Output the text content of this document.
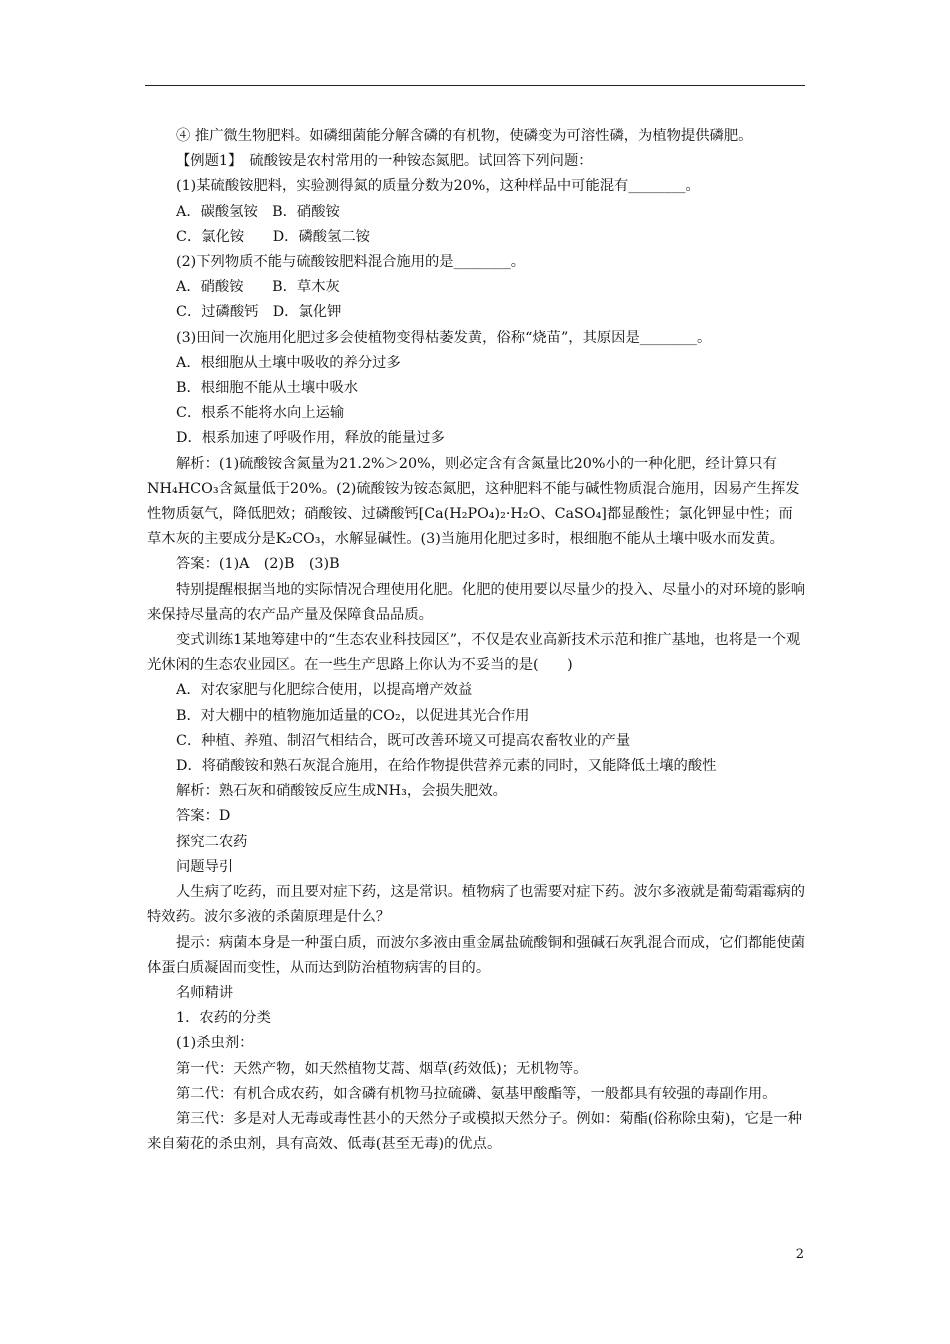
④ 推广微生物肥料。如磷细菌能分解含磷的有机物，使磷变为可溶性磷，为植物提供磷肥。

【例题1】　硫酸铵是农村常用的一种铵态氮肥。试回答下列问题：

(1)某硫酸铵肥料，实验测得氮的质量分数为20%，这种样品中可能混有________。

A．碳酸氢铵　B．硝酸铵

C．氯化铵　　D．磷酸氢二铵

(2)下列物质不能与硫酸铵肥料混合施用的是________。

A．硝酸铵　　B．草木灰

C．过磷酸钙　D．氯化钾

(3)田间一次施用化肥过多会使植物变得枯萎发黄，俗称“烧苗”，其原因是________。

A．根细胞从土壤中吸收的养分过多

B．根细胞不能从土壤中吸水

C．根系不能将水向上运输

D．根系加速了呼吸作用，释放的能量过多

解析：(1)硫酸铵含氮量为21.2%＞20%，则必定含有含氮量比20%小的一种化肥，经计算只有NH₄HCO₃含氮量低于20%。(2)硫酸铵为铵态氮肥，这种肥料不能与碱性物质混合施用，因易产生挥发性物质氨气，降低肥效；硝酸铵、过磷酸钙[Ca(H₂PO₄)₂·H₂O、CaSO₄]都显酸性；氯化钾显中性；而草木灰的主要成分是K₂CO₃，水解显碱性。(3)当施用化肥过多时，根细胞不能从土壤中吸水而发黄。

答案：(1)A　(2)B　(3)B

特别提醒根据当地的实际情况合理使用化肥。化肥的使用要以尽量少的投入、尽量小的对环境的影响来保持尽量高的农产品产量及保障食品品质。

变式训练1某地筹建中的“生态农业科技园区”，不仅是农业高新技术示范和推广基地，也将是一个观光休闲的生态农业园区。在一些生产思路上你认为不妥当的是(　　)

A．对农家肥与化肥综合使用，以提高增产效益

B．对大棚中的植物施加适量的CO₂，以促进其光合作用

C．种植、养殖、制沼气相结合，既可改善环境又可提高农畜牧业的产量

D．将硝酸铵和熟石灰混合施用，在给作物提供营养元素的同时，又能降低土壤的酸性

解析：熟石灰和硝酸铵反应生成NH₃，会损失肥效。

答案：D

探究二农药

问题导引

人生病了吃药，而且要对症下药，这是常识。植物病了也需要对症下药。波尔多液就是葡萄霜霉病的特效药。波尔多液的杀菌原理是什么？

提示：病菌本身是一种蛋白质，而波尔多液由重金属盐硫酸铜和强碱石灰乳混合而成，它们都能使菌体蛋白质凝固而变性，从而达到防治植物病害的目的。

名师精讲

1．农药的分类

(1)杀虫剂：

第一代：天然产物，如天然植物艾蒿、烟草(药效低)；无机物等。

第二代：有机合成农药，如含磷有机物马拉硫磷、氨基甲酸酯等，一般都具有较强的毒副作用。

第三代：多是对人无毒或毒性甚小的天然分子或模拟天然分子。例如：菊酯(俗称除虫菊)，它是一种来自菊花的杀虫剂，具有高效、低毒(甚至无毒)的优点。

2
